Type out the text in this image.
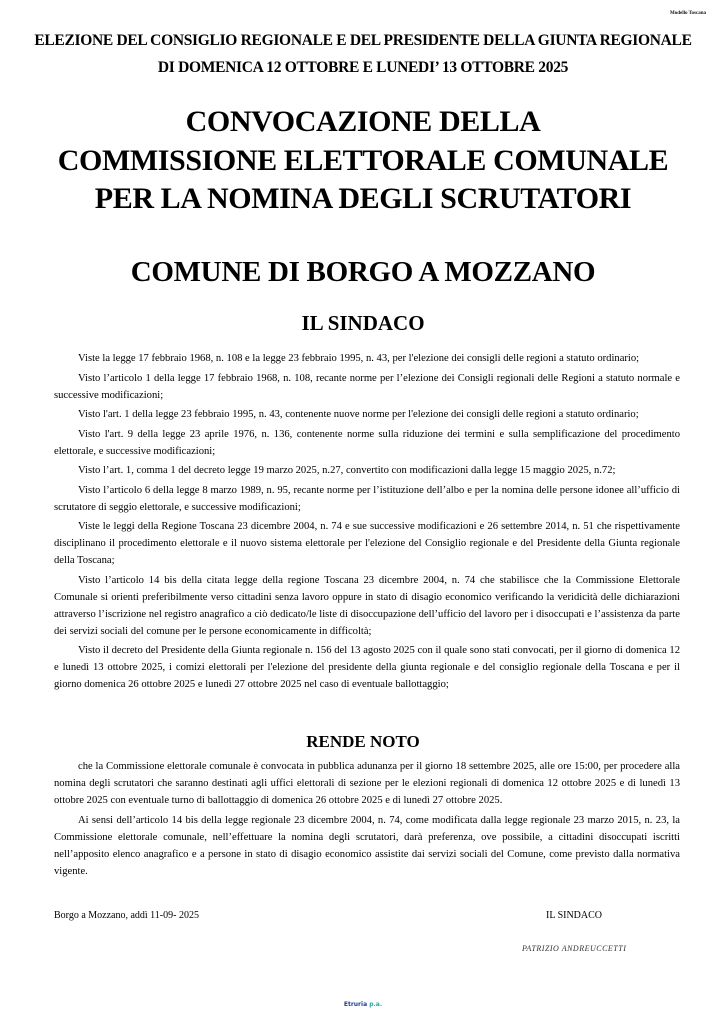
Modello Toscana
ELEZIONE DEL CONSIGLIO REGIONALE E DEL PRESIDENTE DELLA GIUNTA REGIONALE
DI DOMENICA 12 OTTOBRE E LUNEDI’ 13 OTTOBRE 2025
CONVOCAZIONE DELLA
COMMISSIONE ELETTORALE COMUNALE
PER LA NOMINA DEGLI SCRUTATORI
COMUNE DI BORGO A MOZZANO
IL SINDACO

Viste la legge 17 febbraio 1968, n. 108 e la legge 23 febbraio 1995, n. 43, per l'elezione dei consigli delle regioni a statuto ordinario;

Visto l’articolo 1 della legge 17 febbraio 1968, n. 108, recante norme per l’elezione dei Consigli regionali delle Regioni a statuto normale e successive modificazioni;

Visto l'art. 1 della legge 23 febbraio 1995, n. 43, contenente nuove norme per l'elezione dei consigli delle regioni a statuto ordinario;

Visto l'art. 9 della legge 23 aprile 1976, n. 136, contenente norme sulla riduzione dei termini e sulla semplificazione del procedimento elettorale, e successive modificazioni;

Visto l’art. 1, comma 1 del decreto legge 19 marzo 2025, n.27, convertito con modificazioni dalla legge 15 maggio 2025, n.72;

Visto l’articolo 6 della legge 8 marzo 1989, n. 95, recante norme per l’istituzione dell’albo e per la nomina delle persone idonee all’ufficio di scrutatore di seggio elettorale, e successive modificazioni;

Viste le leggi della Regione Toscana 23 dicembre 2004, n. 74 e sue successive modificazioni e 26 settembre 2014, n. 51 che rispettivamente disciplinano il procedimento elettorale e il nuovo sistema elettorale per l'elezione del Consiglio regionale e del Presidente della Giunta regionale della Toscana;

Visto l’articolo 14 bis della citata legge della regione Toscana 23 dicembre 2004, n. 74 che stabilisce che la Commissione Elettorale Comunale si orienti preferibilmente verso cittadini senza lavoro oppure in stato di disagio economico verificando la veridicità delle dichiarazioni attraverso l’iscrizione nel registro anagrafico a ciò dedicato/le liste di disoccupazione dell’ufficio del lavoro per i disoccupati e l’assistenza da parte dei servizi sociali del comune per le persone economicamente in difficoltà;

Visto il decreto del Presidente della Giunta regionale n. 156 del 13 agosto 2025 con il quale sono stati convocati, per il giorno di domenica 12 e lunedì 13 ottobre 2025, i comizi elettorali per l'elezione del presidente della giunta regionale e del consiglio regionale della Toscana e per il giorno domenica 26 ottobre 2025 e lunedì 27 ottobre 2025 nel caso di eventuale ballottaggio;

RENDE NOTO

che la Commissione elettorale comunale è convocata in pubblica adunanza per il giorno 18 settembre 2025, alle ore 15:00, per procedere alla nomina degli scrutatori che saranno destinati agli uffici elettorali di sezione per le elezioni regionali di domenica 12 ottobre 2025 e di lunedì 13 ottobre 2025 con eventuale turno di ballottaggio di domenica 26 ottobre 2025 e di lunedì 27 ottobre 2025.

Ai sensi dell’articolo 14 bis della legge regionale 23 dicembre 2004, n. 74, come modificata dalla legge regionale 23 marzo 2015, n. 23, la Commissione elettorale comunale, nell’effettuare la nomina degli scrutatori, darà preferenza, ove possibile, a cittadini disoccupati iscritti nell’apposito elenco anagrafico e a persone in stato di disagio economico assistite dai servizi sociali del Comune, come previsto dalla normativa vigente.

Borgo a Mozzano, addì 11-09- 2025	IL SINDACO
PATRIZIO ANDREUCCETTI
Etruria p.a.
